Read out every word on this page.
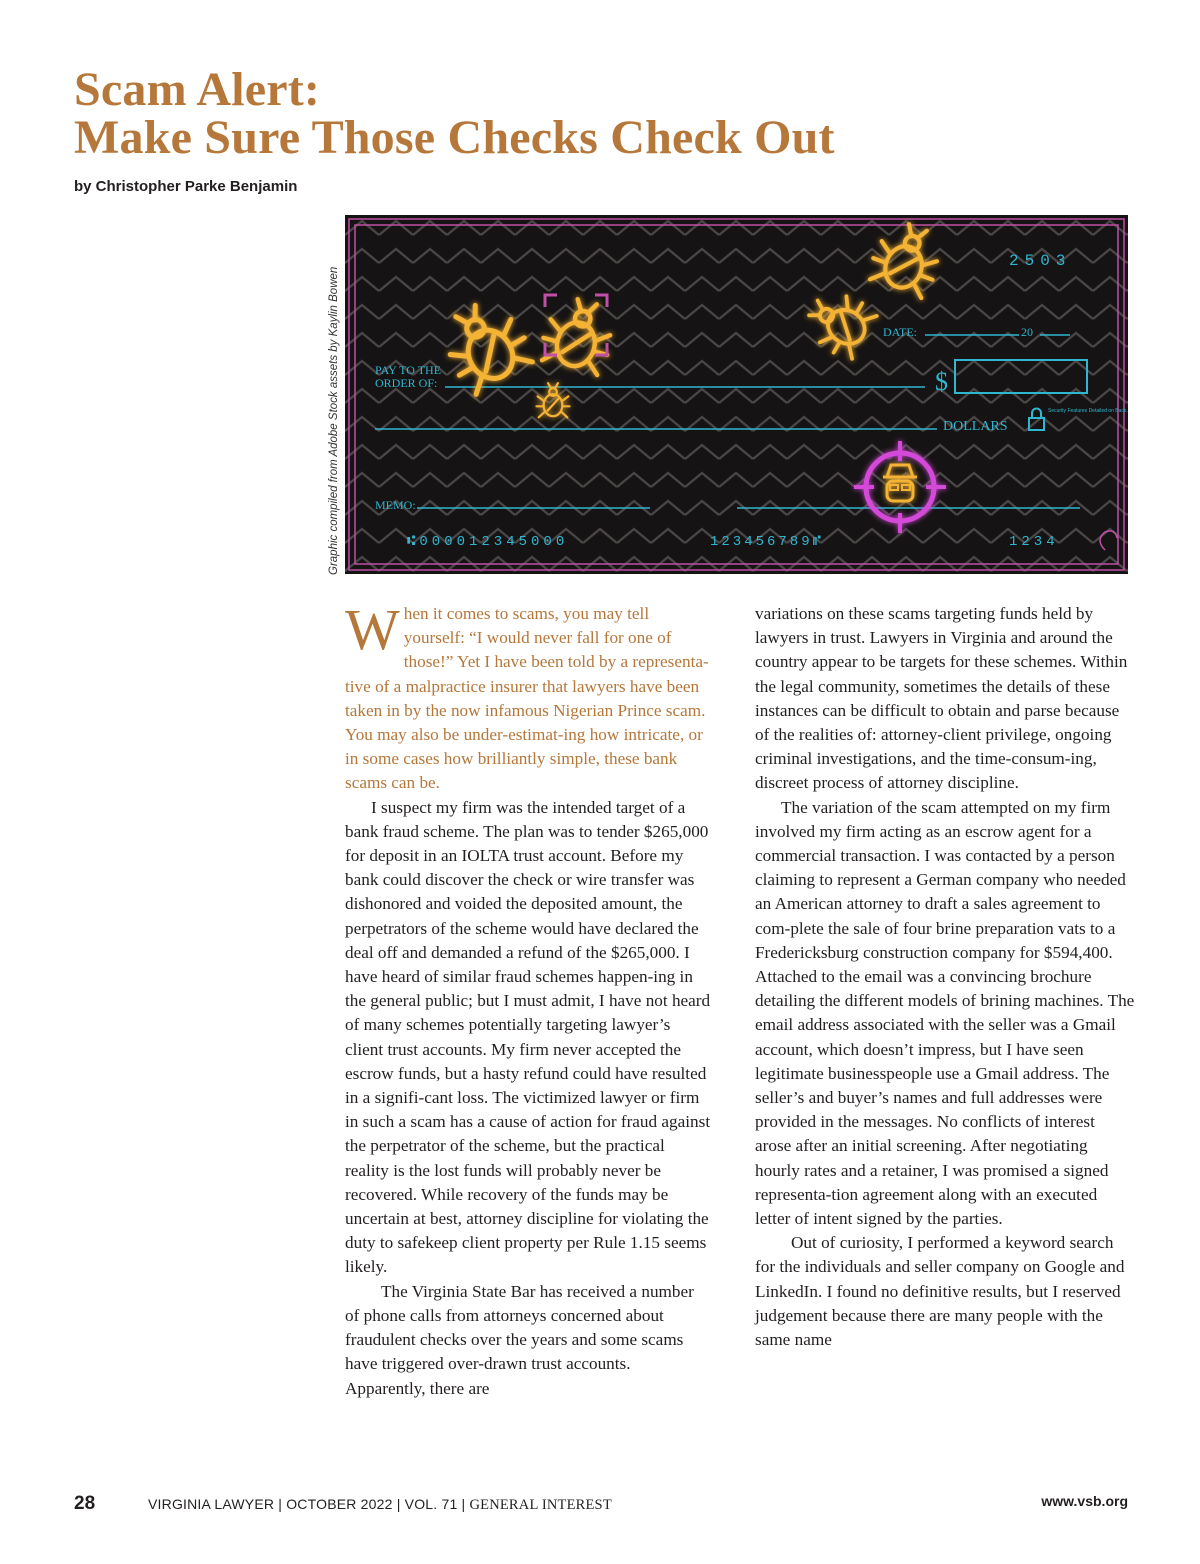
Scam Alert:
Make Sure Those Checks Check Out
by Christopher Parke Benjamin
Graphic compiled from Adobe Stock assets by Kaylin Bowen
2503
DATE:	20
PAY TO THE
ORDER OF:	$
DOLLARS
Security Features Detailed on Back.
MEMO:
⑆000012345000	123456789⑈	1234

When it comes to scams, you may tell yourself: “I would never fall for one of those!” Yet I have been told by a representa-tive of a malpractice insurer that lawyers have been taken in by the now infamous Nigerian Prince scam. You may also be under-estimat-ing how intricate, or in some cases how brilliantly simple, these bank scams can be.

I suspect my firm was the intended target of a bank fraud scheme. The plan was to tender $265,000 for deposit in an IOLTA trust account. Before my bank could discover the check or wire transfer was dishonored and voided the deposited amount, the perpetrators of the scheme would have declared the deal off and demanded a refund of the $265,000. I have heard of similar fraud schemes happen-ing in the general public; but I must admit, I have not heard of many schemes potentially targeting lawyer’s client trust accounts. My firm never accepted the escrow funds, but a hasty refund could have resulted in a signifi-cant loss. The victimized lawyer or firm in such a scam has a cause of action for fraud against the perpetrator of the scheme, but the practical reality is the lost funds will probably never be recovered. While recovery of the funds may be uncertain at best, attorney discipline for violating the duty to safekeep client property per Rule 1.15 seems likely.

The Virginia State Bar has received a number of phone calls from attorneys concerned about fraudulent checks over the years and some scams have triggered over-drawn trust accounts. Apparently, there are

variations on these scams targeting funds held by lawyers in trust. Lawyers in Virginia and around the country appear to be targets for these schemes. Within the legal community, sometimes the details of these instances can be difficult to obtain and parse because of the realities of: attorney-client privilege, ongoing criminal investigations, and the time-consum-ing, discreet process of attorney discipline.

The variation of the scam attempted on my firm involved my firm acting as an escrow agent for a commercial transaction. I was contacted by a person claiming to represent a German company who needed an American attorney to draft a sales agreement to com-plete the sale of four brine preparation vats to a Fredericksburg construction company for $594,400. Attached to the email was a convincing brochure detailing the different models of brining machines. The email address associated with the seller was a Gmail account, which doesn’t impress, but I have seen legitimate businesspeople use a Gmail address. The seller’s and buyer’s names and full addresses were provided in the messages. No conflicts of interest arose after an initial screening. After negotiating hourly rates and a retainer, I was promised a signed representa-tion agreement along with an executed letter of intent signed by the parties.

Out of curiosity, I performed a keyword search for the individuals and seller company on Google and LinkedIn. I found no definitive results, but I reserved judgement because there are many people with the same name

28	VIRGINIA LAWYER | OCTOBER 2022 | VOL. 71 | GENERAL INTEREST	www.vsb.org
